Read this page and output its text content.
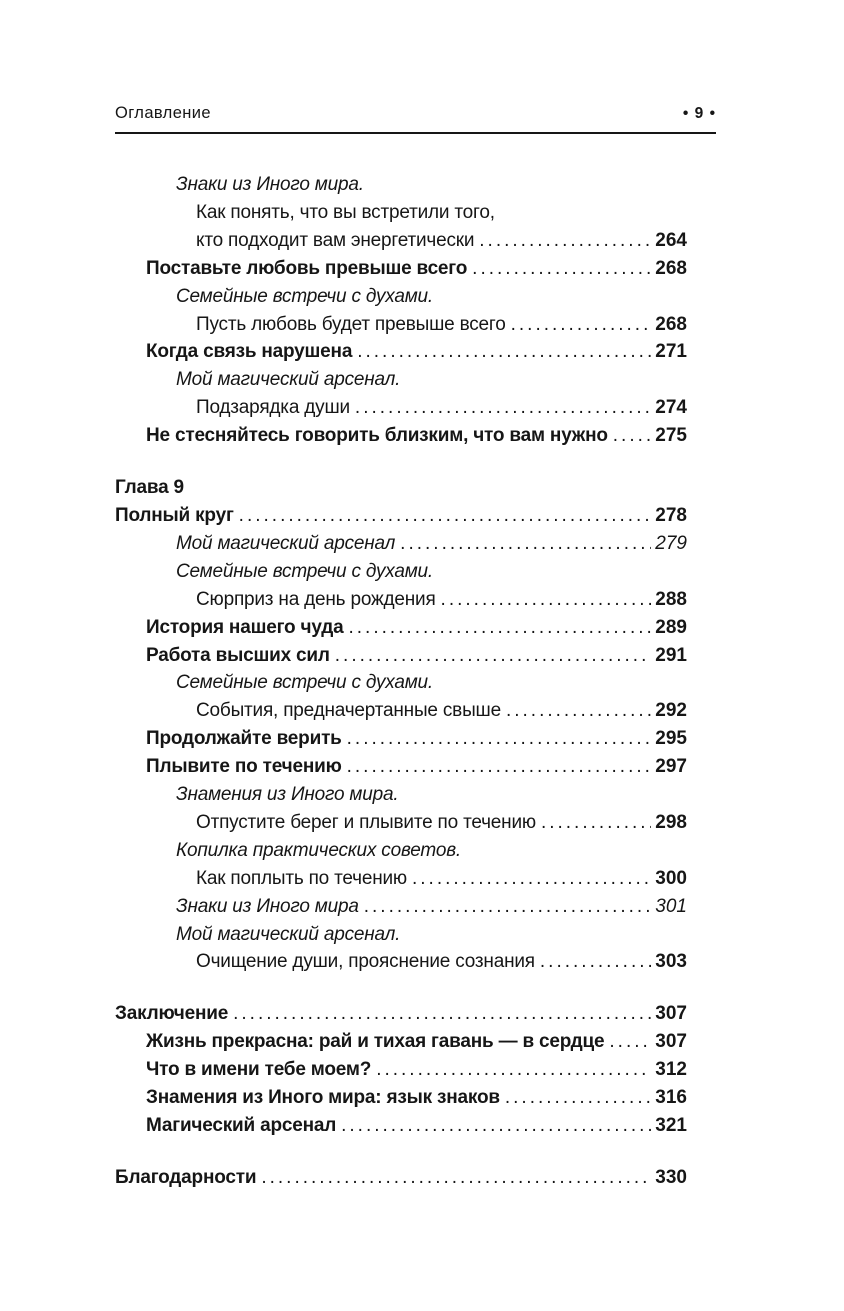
Оглавление	• 9 •
Знаки из Иного мира.
Как понять, что вы встретили того,
кто подходит вам энергетически .....	264
Поставьте любовь превыше всего .....	268
Семейные встречи с духами.
Пусть любовь будет превыше всего .....	268
Когда связь нарушена .....	271
Мой магический арсенал.
Подзарядка души .....	274
Не стесняйтесь говорить близким, что вам нужно .....	275
Глава 9
Полный круг .....	278
Мой магический арсенал .....	279
Семейные встречи с духами.
Сюрприз на день рождения .....	288
История нашего чуда .....	289
Работа высших сил .....	291
Семейные встречи с духами.
События, предначертанные свыше .....	292
Продолжайте верить .....	295
Плывите по течению .....	297
Знамения из Иного мира.
Отпустите берег и плывите по течению .....	298
Копилка практических советов.
Как поплыть по течению .....	300
Знаки из Иного мира .....	301
Мой магический арсенал.
Очищение души, прояснение сознания .....	303
Заключение .....	307
Жизнь прекрасна: рай и тихая гавань — в сердце .....	307
Что в имени тебе моем? .....	312
Знамения из Иного мира: язык знаков .....	316
Магический арсенал .....	321
Благодарности .....	330
